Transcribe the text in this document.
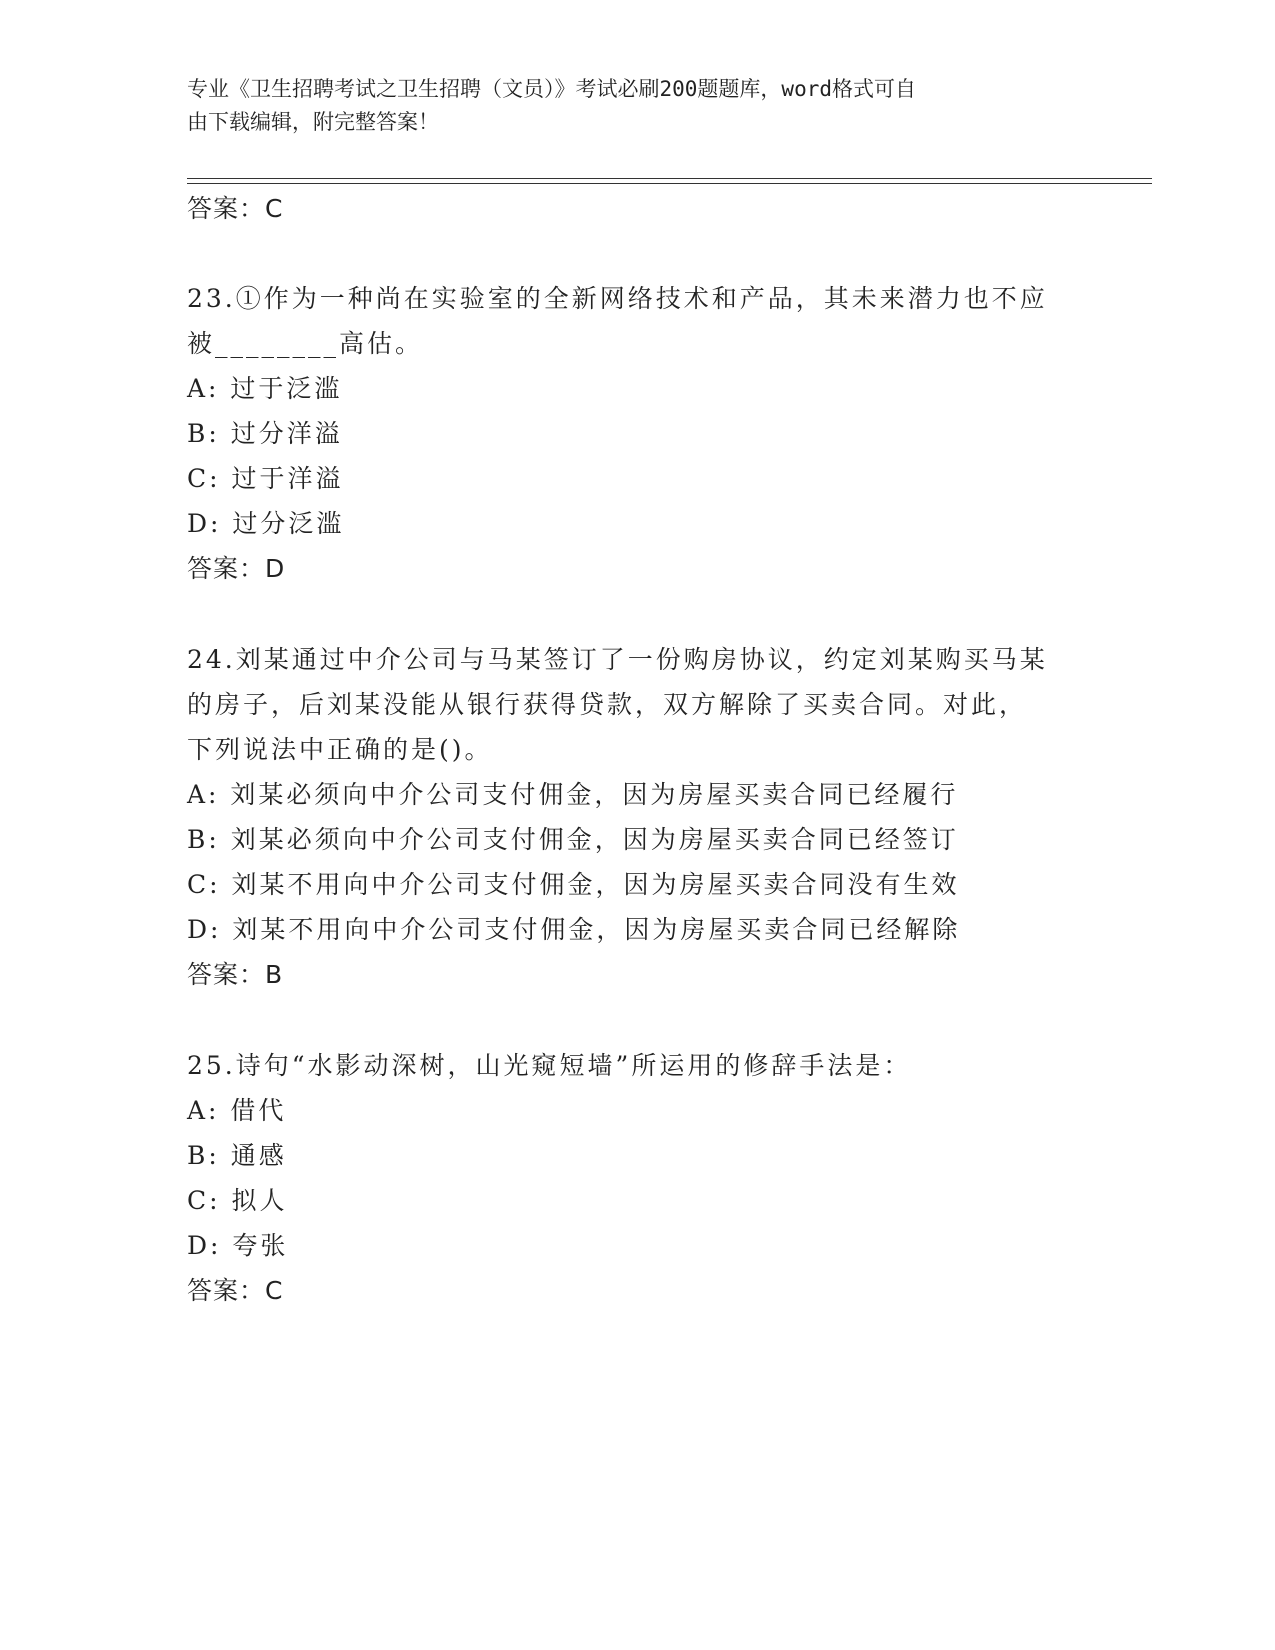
专业《卫生招聘考试之卫生招聘（文员）》考试必刷200题题库，word格式可自
由下载编辑，附完整答案！
答案：C
23.①作为一种尚在实验室的全新网络技术和产品，其未来潜力也不应
被________高估。
A: 过于泛滥
B: 过分洋溢
C: 过于洋溢
D: 过分泛滥
答案：D
24.刘某通过中介公司与马某签订了一份购房协议，约定刘某购买马某
的房子，后刘某没能从银行获得贷款，双方解除了买卖合同。对此，
下列说法中正确的是()。
A: 刘某必须向中介公司支付佣金，因为房屋买卖合同已经履行
B: 刘某必须向中介公司支付佣金，因为房屋买卖合同已经签订
C: 刘某不用向中介公司支付佣金，因为房屋买卖合同没有生效
D: 刘某不用向中介公司支付佣金，因为房屋买卖合同已经解除
答案：B
25.诗句“水影动深树，山光窥短墙”所运用的修辞手法是：
A: 借代
B: 通感
C: 拟人
D: 夸张
答案：C
